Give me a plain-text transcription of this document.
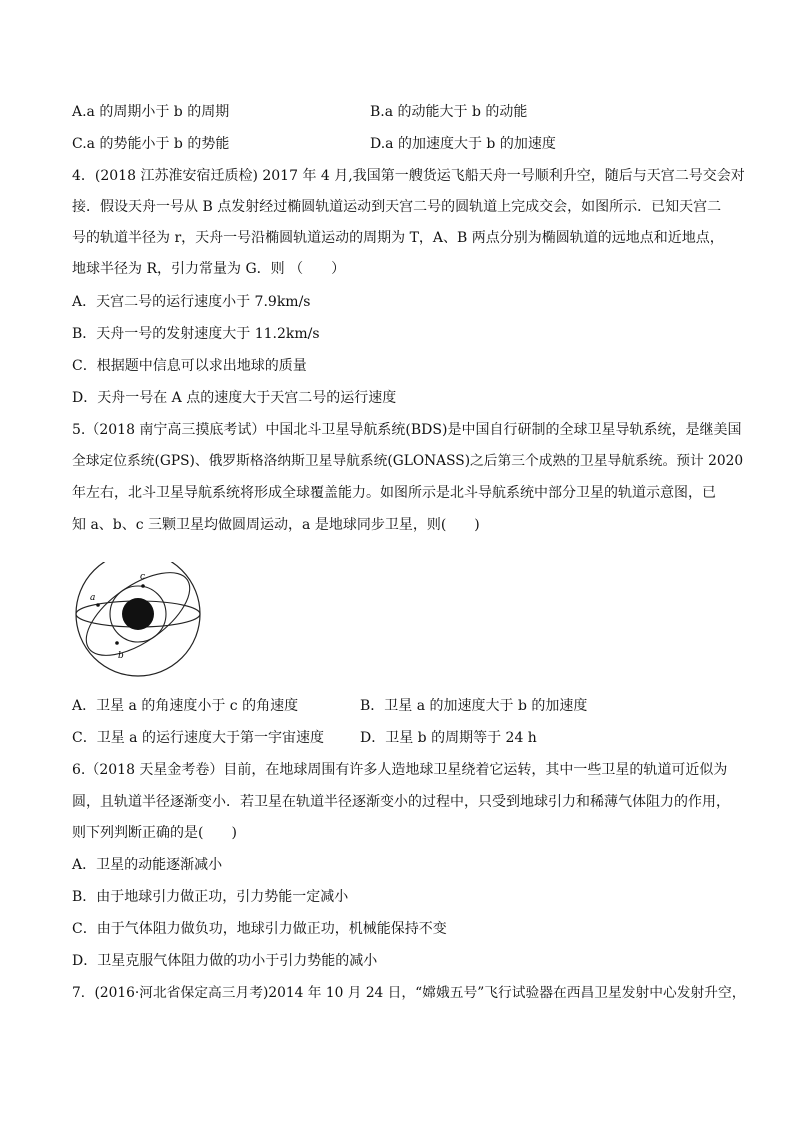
A.a 的周期小于 b 的周期	B.a 的动能大于 b 的动能
C.a 的势能小于 b 的势能	D.a 的加速度大于 b 的加速度
4．(2018 江苏淮安宿迁质检) 2017 年 4 月,我国第一艘货运飞船天舟一号顺利升空，随后与天宫二号交会对
接．假设天舟一号从 B 点发射经过椭圆轨道运动到天宫二号的圆轨道上完成交会，如图所示．已知天宫二
号的轨道半径为 r，天舟一号沿椭圆轨道运动的周期为 T，A、B 两点分别为椭圆轨道的远地点和近地点，
地球半径为 R，引力常量为 G．则 （　　）
A．天宫二号的运行速度小于 7.9km/s
B．天舟一号的发射速度大于 11.2km/s
C．根据题中信息可以求出地球的质量
D．天舟一号在 A 点的速度大于天宫二号的运行速度
5.（2018 南宁高三摸底考试）中国北斗卫星导航系统(BDS)是中国自行研制的全球卫星导轨系统，是继美国
全球定位系统(GPS)、俄罗斯格洛纳斯卫星导航系统(GLONASS)之后第三个成熟的卫星导航系统。预计 2020
年左右，北斗卫星导航系统将形成全球覆盖能力。如图所示是北斗导航系统中部分卫星的轨道示意图，已
知 a、b、c 三颗卫星均做圆周运动，a 是地球同步卫星，则(　　)
c
a
b
A．卫星 a 的角速度小于 c 的角速度	B．卫星 a 的加速度大于 b 的加速度
C．卫星 a 的运行速度大于第一宇宙速度	D．卫星 b 的周期等于 24 h
6.（2018 天星金考卷）目前，在地球周围有许多人造地球卫星绕着它运转，其中一些卫星的轨道可近似为
圆，且轨道半径逐渐变小．若卫星在轨道半径逐渐变小的过程中，只受到地球引力和稀薄气体阻力的作用，
则下列判断正确的是(　　)
A．卫星的动能逐渐减小
B．由于地球引力做正功，引力势能一定减小
C．由于气体阻力做负功，地球引力做正功，机械能保持不变
D．卫星克服气体阻力做的功小于引力势能的减小
7．(2016·河北省保定高三月考)2014 年 10 月 24 日，“嫦娥五号”飞行试验器在西昌卫星发射中心发射升空，
